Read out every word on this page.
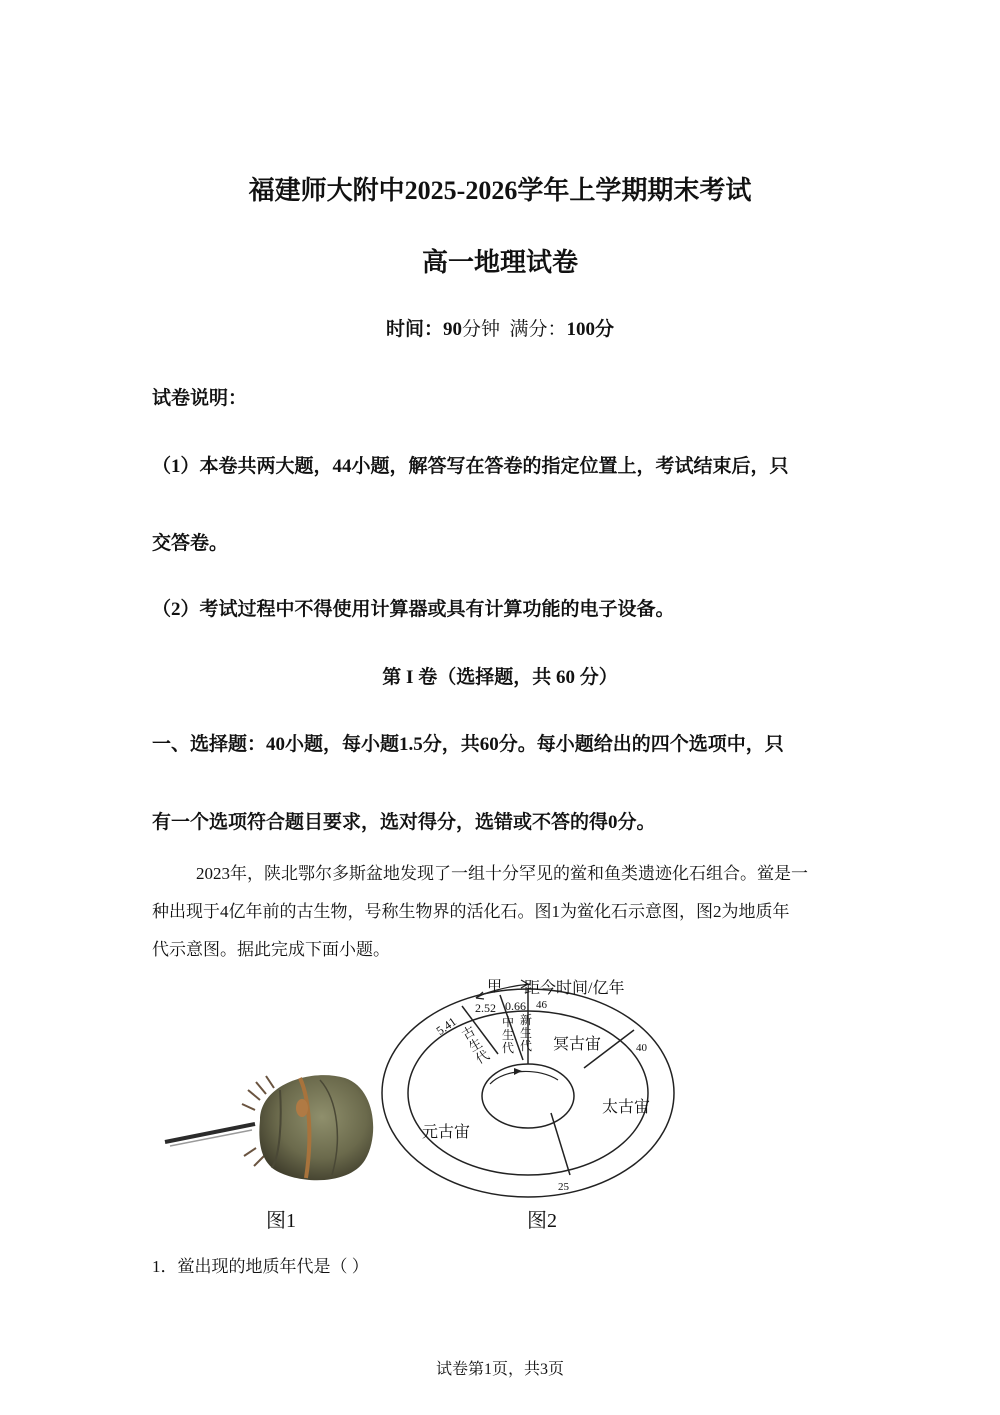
福建师大附中2025-2026学年上学期期末考试
高一地理试卷
时间：90分钟 满分：100分
试卷说明：
（1）本卷共两大题，44小题，解答写在答卷的指定位置上，考试结束后，只
交答卷。
（2）考试过程中不得使用计算器或具有计算功能的电子设备。
第 I 卷（选择题，共 60 分）
一、选择题：40小题，每小题1.5分，共60分。每小题给出的四个选项中，只
有一个选项符合题目要求，选对得分，选错或不答的得0分。
2023年，陕北鄂尔多斯盆地发现了一组十分罕见的鲎和鱼类遗迹化石组合。鲎是一
种出现于4亿年前的古生物，号称生物界的活化石。图1为鲎化石示意图，图2为地质年
代示意图。据此完成下面小题。
图1
甲 距今时间/亿年
2.52 0.66 46
5.41
40
25
古生代
中生代
新生代 冥古宙
太古宙
元古宙
图2
1．鲎出现的地质年代是（ ）
试卷第1页，共3页
